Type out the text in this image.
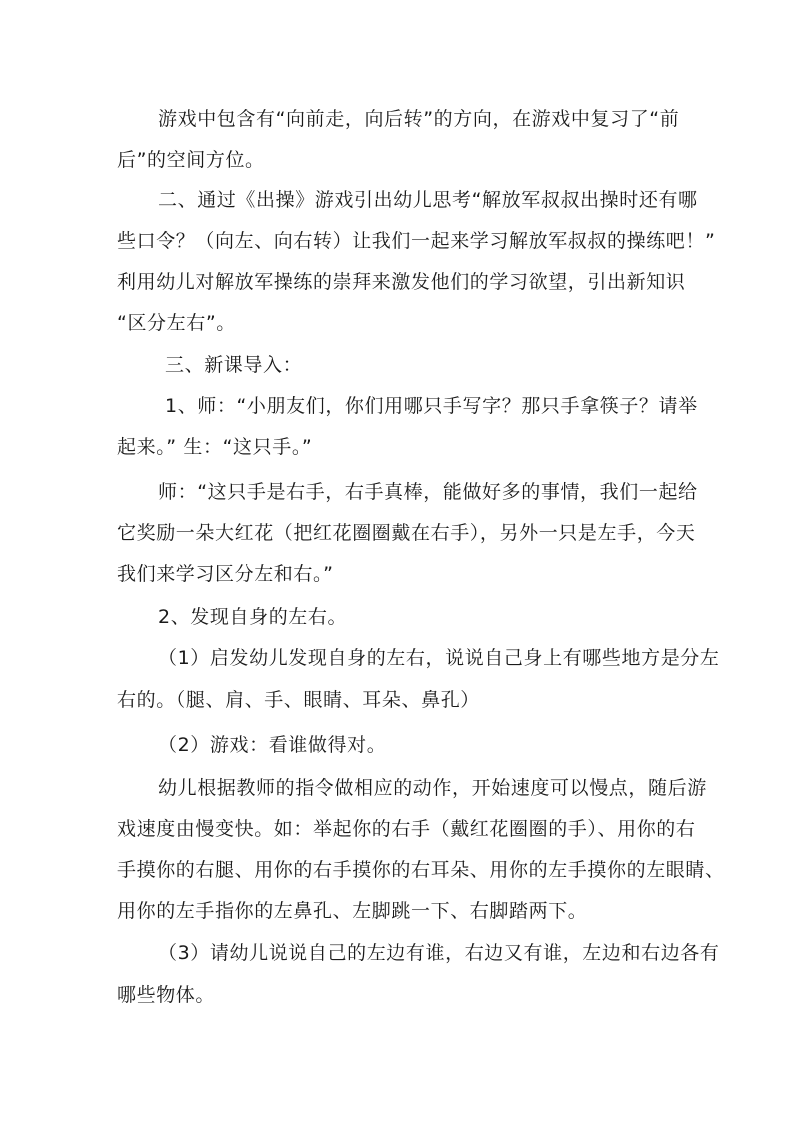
游戏中包含有“向前走，向后转”的方向，在游戏中复习了“前
后”的空间方位。
二、通过《出操》游戏引出幼儿思考“解放军叔叔出操时还有哪
些口令？（向左、向右转）让我们一起来学习解放军叔叔的操练吧！”
利用幼儿对解放军操练的崇拜来激发他们的学习欲望，引出新知识
“区分左右”。
三、新课导入：
1、师：“小朋友们，你们用哪只手写字？那只手拿筷子？请举
起来。” 生：“这只手。”
师：“这只手是右手，右手真棒，能做好多的事情，我们一起给
它奖励一朵大红花（把红花圈圈戴在右手），另外一只是左手，今天
我们来学习区分左和右。”
2、发现自身的左右。
（1）启发幼儿发现自身的左右，说说自己身上有哪些地方是分左
右的。（腿、肩、手、眼睛、耳朵、鼻孔）
（2）游戏：看谁做得对。
幼儿根据教师的指令做相应的动作，开始速度可以慢点，随后游
戏速度由慢变快。如：举起你的右手（戴红花圈圈的手）、用你的右
手摸你的右腿、用你的右手摸你的右耳朵、用你的左手摸你的左眼睛、
用你的左手指你的左鼻孔、左脚跳一下、右脚踏两下。
（3）请幼儿说说自己的左边有谁，右边又有谁，左边和右边各有
哪些物体。
